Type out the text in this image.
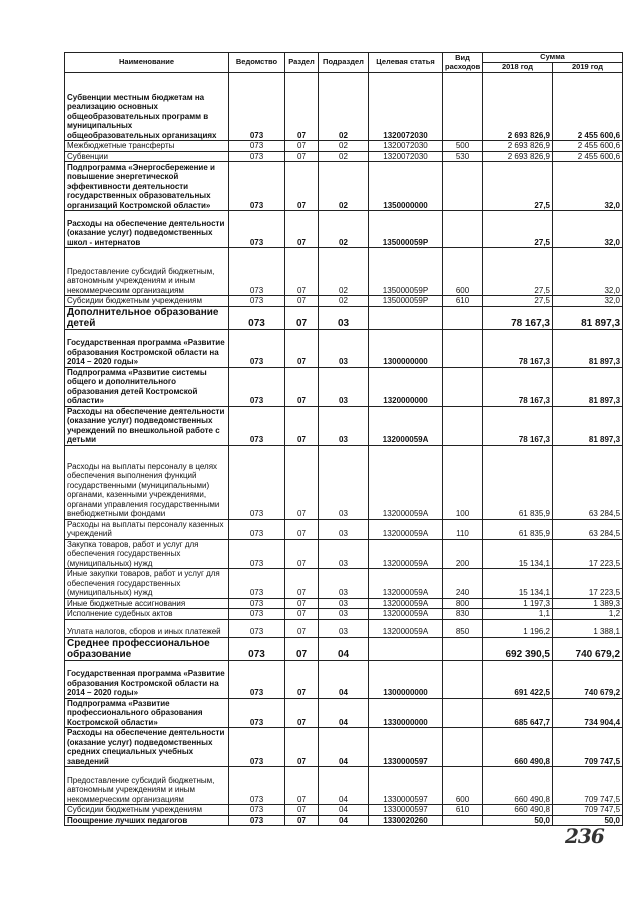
Наименование	Ведомство	Раздел	Подраздел	Целевая статья	Вид расходов	Сумма	
						2018 год	2019 год
Субвенции местным бюджетам на реализацию основных общеобразовательных программ в муниципальных общеобразовательных организациях	073	07	02	1320072030		2 693 826,9	2 455 600,6
Межбюджетные трансферты	073	07	02	1320072030	500	2 693 826,9	2 455 600,6
Субвенции	073	07	02	1320072030	530	2 693 826,9	2 455 600,6
Подпрограмма «Энергосбережение и повышение энергетической эффективности деятельности государственных образовательных организаций Костромской области»	073	07	02	1350000000		27,5	32,0
Расходы на обеспечение деятельности (оказание услуг) подведомственных школ - интернатов	073	07	02	135000059P		27,5	32,0
Предоставление субсидий бюджетным, автономным учреждениям и иным некоммерческим организациям	073	07	02	135000059P	600	27,5	32,0
Субсидии бюджетным учреждениям	073	07	02	135000059P	610	27,5	32,0
Дополнительное образование детей	073	07	03			78 167,3	81 897,3
Государственная программа «Развитие образования Костромской области на 2014 – 2020 годы»	073	07	03	1300000000		78 167,3	81 897,3
Подпрограмма «Развитие системы общего и дополнительного образования детей Костромской области»	073	07	03	1320000000		78 167,3	81 897,3
Расходы на обеспечение деятельности (оказание услуг) подведомственных учреждений по внешкольной работе с детьми	073	07	03	132000059A		78 167,3	81 897,3
Расходы на выплаты персоналу в целях обеспечения выполнения функций государственными (муниципальными) органами, казенными учреждениями, органами управления государственными внебюджетными фондами	073	07	03	132000059A	100	61 835,9	63 284,5
Расходы на выплаты персоналу казенных учреждений	073	07	03	132000059A	110	61 835,9	63 284,5
Закупка товаров, работ и услуг для обеспечения государственных (муниципальных) нужд	073	07	03	132000059A	200	15 134,1	17 223,5
Иные закупки товаров, работ и услуг для обеспечения государственных (муниципальных) нужд	073	07	03	132000059A	240	15 134,1	17 223,5
Иные бюджетные ассигнования	073	07	03	132000059A	800	1 197,3	1 389,3
Исполнение судебных актов	073	07	03	132000059A	830	1,1	1,2
Уплата налогов, сборов и иных платежей	073	07	03	132000059A	850	1 196,2	1 388,1
Среднее профессиональное образование	073	07	04			692 390,5	740 679,2
Государственная программа «Развитие образования Костромской области на 2014 – 2020 годы»	073	07	04	1300000000		691 422,5	740 679,2
Подпрограмма «Развитие профессионального образования Костромской области»	073	07	04	1330000000		685 647,7	734 904,4
Расходы на обеспечение деятельности (оказание услуг) подведомственных средних специальных учебных заведений	073	07	04	1330000597		660 490,8	709 747,5
Предоставление субсидий бюджетным, автономным учреждениям и иным некоммерческим организациям	073	07	04	1330000597	600	660 490,8	709 747,5
Субсидии бюджетным учреждениям	073	07	04	1330000597	610	660 490,8	709 747,5
Поощрение лучших педагогов	073	07	04	1330020260		50,0	50,0
236
